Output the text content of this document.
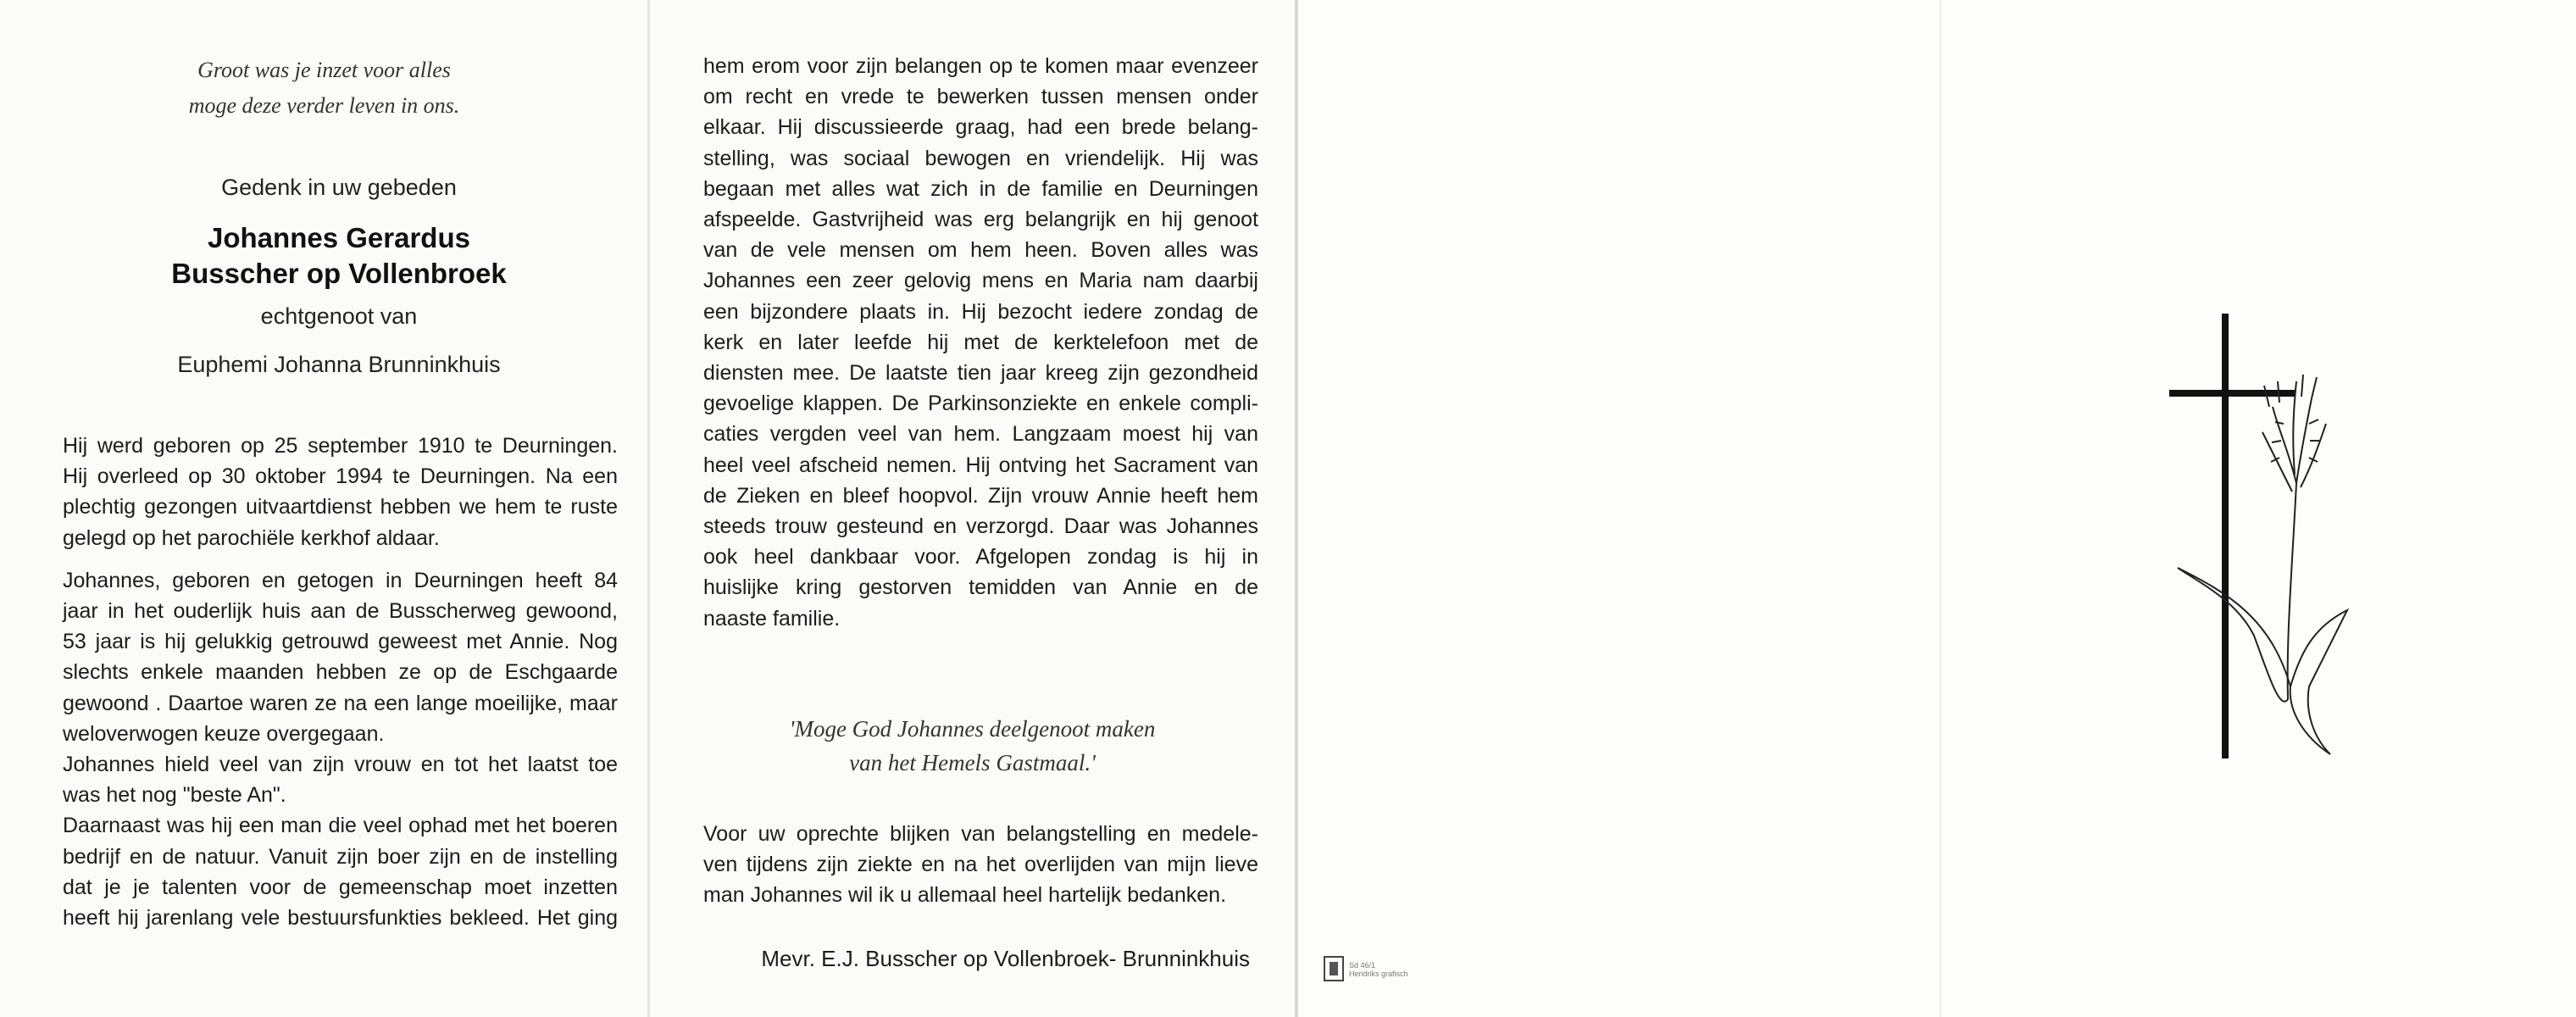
Groot was je inzet voor alles
moge deze verder leven in ons.
Gedenk in uw gebeden
Johannes Gerardus
Busscher op Vollenbroek
echtgenoot van
Euphemi Johanna Brunninkhuis

Hij werd geboren op 25 september 1910 te Deurningen.
Hij overleed op 30 oktober 1994 te Deurningen. Na een
plechtig gezongen uitvaartdienst hebben we hem te ruste
gelegd op het parochiële kerkhof aldaar.

Johannes, geboren en getogen in Deurningen heeft 84
jaar in het ouderlijk huis aan de Busscherweg gewoond,
53 jaar is hij gelukkig getrouwd geweest met Annie. Nog
slechts enkele maanden hebben ze op de Eschgaarde
gewoond . Daartoe waren ze na een lange moeilijke, maar
weloverwogen keuze overgegaan.
Johannes hield veel van zijn vrouw en tot het laatst toe
was het nog "beste An".
Daarnaast was hij een man die veel ophad met het boeren
bedrijf en de natuur. Vanuit zijn boer zijn en de instelling
dat je je talenten voor de gemeenschap moet inzetten
heeft hij jarenlang vele bestuursfunkties bekleed. Het ging

hem erom voor zijn belangen op te komen maar evenzeer
om recht en vrede te bewerken tussen mensen onder
elkaar. Hij discussieerde graag, had een brede belang-
stelling, was sociaal bewogen en vriendelijk. Hij was
begaan met alles wat zich in de familie en Deurningen
afspeelde. Gastvrijheid was erg belangrijk en hij genoot
van de vele mensen om hem heen. Boven alles was
Johannes een zeer gelovig mens en Maria nam daarbij
een bijzondere plaats in. Hij bezocht iedere zondag de
kerk en later leefde hij met de kerktelefoon met de
diensten mee. De laatste tien jaar kreeg zijn gezondheid
gevoelige klappen. De Parkinsonziekte en enkele compli-
caties vergden veel van hem. Langzaam moest hij van
heel veel afscheid nemen. Hij ontving het Sacrament van
de Zieken en bleef hoopvol. Zijn vrouw Annie heeft hem
steeds trouw gesteund en verzorgd. Daar was Johannes
ook heel dankbaar voor. Afgelopen zondag is hij in
huislijke kring gestorven temidden van Annie en de
naaste familie.
'Moge God Johannes deelgenoot maken
van het Hemels Gastmaal.'
Voor uw oprechte blijken van belangstelling en medele-
ven tijdens zijn ziekte en na het overlijden van mijn lieve
man Johannes wil ik u allemaal heel hartelijk bedanken.
Mevr. E.J. Busscher op Vollenbroek- Brunninkhuis	Sd 46/1
Hendriks grafisch
